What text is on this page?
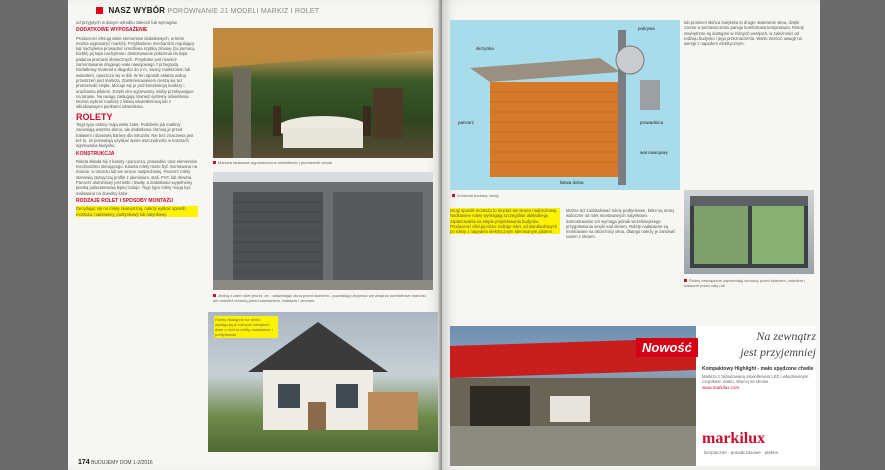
NASZ WYBÓR PORÓWNANIE 21 MODELI MARKIZ I ROLET

od przyjętych w danym ośrodku zaleceń lub wymogów.

DODATKOWE WYPOSAŻENIE

Producenci oferują wiele elementów dodatkowych, w które można wyposażyć markizy. Przykładowo mechanizm regulujący kąt nachylenia prowadnic umożliwia szybką zmianę (za pomocą korbki) jej kąta nachylenia i dostosowanie położenia do kąta padania promieni słonecznych. Przydatne jest również zamontowanie drugiego wału nawojowego z przegrodą. Dodatkowy materiał o długości do 2 m, zwany markizolem lub wolantem, opuszcza się w dół. W ten sposób osłania wolną przestrzeń pod markizą. Zainteresowaniem cieszą się też promienniki ciepła. Mocuje się je pod konstrukcją markizy i uruchamia pilotem. Dzięki nim ogrzewamy osoby przebywające na tarasie. Na uwagę zasługują również systemy oświetlenia. Można wybrać markizę z listwą oświetleniową lub z wbudowanymi punktami oświetlenia.

ROLETY

Tego typu osłony mają wiele zalet. Podobnie jak markizy zacieniają wnętrze domu, ale dodatkowo chronią je przed hałasem i stanowią barierę dla intruzów. Nie bez znaczenia jest też to, że pozwalają uzyskać spore oszczędności w kosztach ogrzewania budynku.

KONSTRUKCJA

Roleta składa się z kasety i pancerza, prowadnic oraz elementów mechanizmu sterującego. Kaseta rolety może być montowana na ścianie, w ościeżu lub we wnęce nadprożowej. Pancerz rolety stanowią zazwyczaj profile z aluminium, stali, PVC lub drewna. Pancerz aluminiowy jest lekki i trwały, a dodatkowo wypełniony pianką poliuretanową lepiej izoluje. Tego typu rolety mogą być malowane na dowolny kolor.

RODZAJE ROLET I SPOSOBY MONTAŻU

Decydując się na roletę zewnętrzną, należy wybrać sposób montażu: nadstawny, podtynkowy lub natynkowy.

Markiza tarasowa wyposażona w oświetlenie i promiennik ciepła
Jedną z zalet rolet jest to, że - zasłaniając okna przed słońcem - pozwalają utrzymać we wnętrzu komfortowe warunki, ale również chronią przed włamaniem, hałasem i zimnem.
Rolety dostępne na rynku występują w różnych wersjach: dwie z nich to rolety nadstawne i podtynkowe
174 BUDUJEMY DOM 1-2/2016
skrzynka
pancerz	prowadnica
pokrywa
wał nawojowy
listwa dolna
Schemat budowy rolety
lub promieni słońca zwiększa to drugie otwieranie okna, dzięki czemu w pomieszczeniu panuje komfortowa temperatura. Rolety zewnętrzne są dostępne w różnych wersjach, w zależności od rodzaju budynku i jego przeznaczenia. Warto zwrócić uwagę na wersję z napędem elektrycznym.

Drugi sposób montażu to montaż we wnęce nadprożowej. Nadstawne rolety wymagają szczególnie dokładnego zaplanowania na etapie projektowania budynku. Producenci oferują różne rodzaje rolet, od standardowych po rolety z napędem elektrycznym sterowanym pilotem.

Można też zainstalować rolety podtynkowe, które są mniej widoczne od rolet montowanych natynkowo. Zamontowanie ich wymaga jednak wcześniejszego przygotowania wnęki nad oknem. Rolety nadstawne są montowane na ościeżnicy okna, dlatego należy je zamówić razem z oknem.
Rolety zewnętrzne zapewniają ochronę przed słońcem, chłodem i hałasem przez cały rok
Nowość
Na zewnątrz
jest przyjemniej
Kompaktowy Highlight - mało spędzone chwile
Markiza z zabudowaną oświetleniem LED i wbudowanym czujnikiem wiatru. Więcej na stronie
www.markilux.com
markilux
bezpieczne · ponadczasowe · piękne
